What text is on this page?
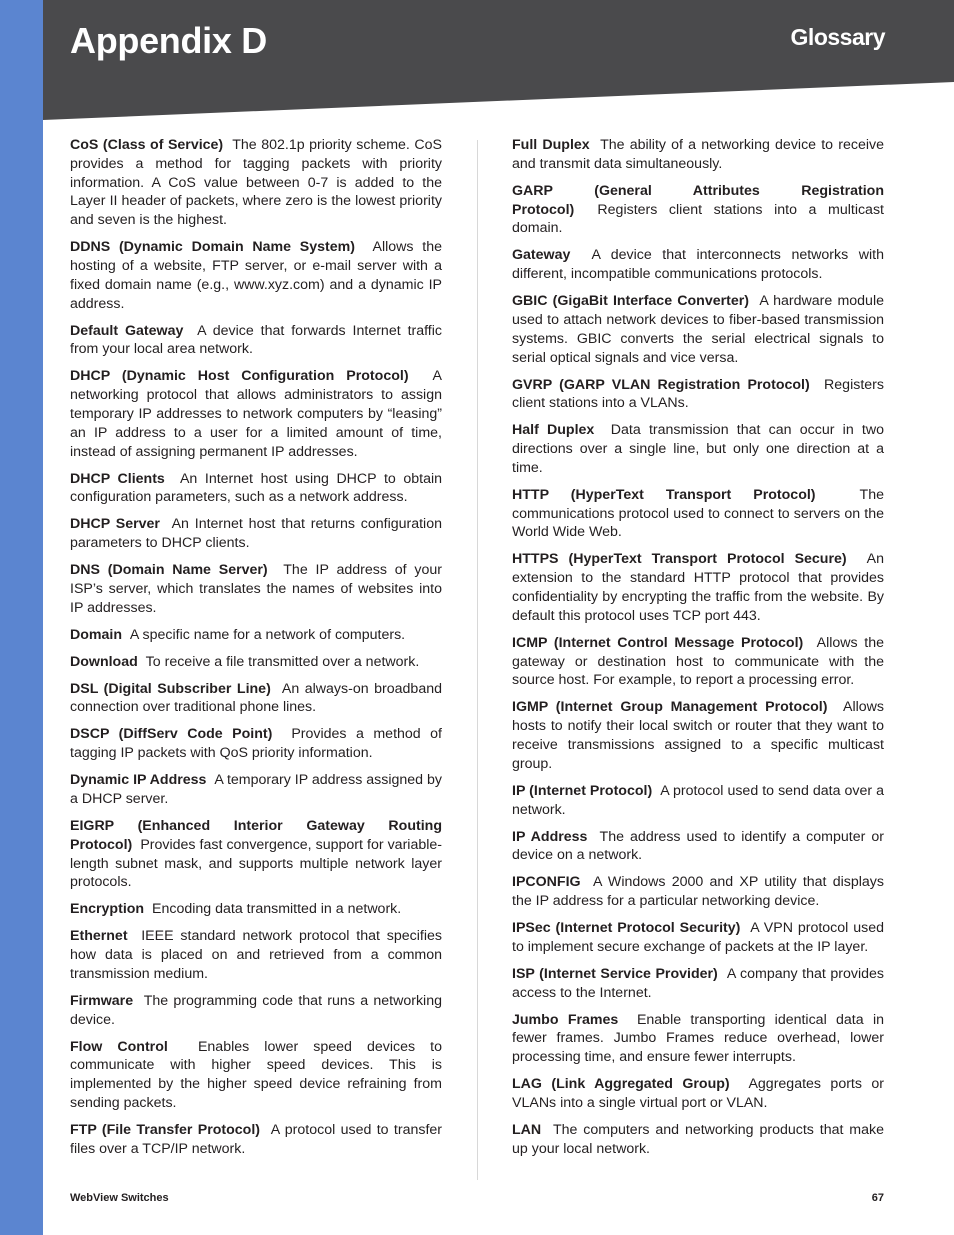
Appendix D	Glossary

CoS (Class of Service) The 802.1p priority scheme. CoS provides a method for tagging packets with priority information. A CoS value between 0-7 is added to the Layer II header of packets, where zero is the lowest priority and seven is the highest.

DDNS (Dynamic Domain Name System) Allows the hosting of a website, FTP server, or e-mail server with a fixed domain name (e.g., www.xyz.com) and a dynamic IP address.

Default Gateway A device that forwards Internet traffic from your local area network.

DHCP (Dynamic Host Configuration Protocol) A networking protocol that allows administrators to assign temporary IP addresses to network computers by “leasing” an IP address to a user for a limited amount of time, instead of assigning permanent IP addresses.

DHCP Clients An Internet host using DHCP to obtain configuration parameters, such as a network address.

DHCP Server An Internet host that returns configuration parameters to DHCP clients.

DNS (Domain Name Server) The IP address of your ISP’s server, which translates the names of websites into IP addresses.

Domain A specific name for a network of computers.

Download To receive a file transmitted over a network.

DSL (Digital Subscriber Line) An always-on broadband connection over traditional phone lines.

DSCP (DiffServ Code Point) Provides a method of tagging IP packets with QoS priority information.

Dynamic IP Address A temporary IP address assigned by a DHCP server.

EIGRP (Enhanced Interior Gateway Routing Protocol) Provides fast convergence, support for variable-length subnet mask, and supports multiple network layer protocols.

Encryption Encoding data transmitted in a network.

Ethernet IEEE standard network protocol that specifies how data is placed on and retrieved from a common transmission medium.

Firmware The programming code that runs a networking device.

Flow Control Enables lower speed devices to communicate with higher speed devices. This is implemented by the higher speed device refraining from sending packets.

FTP (File Transfer Protocol) A protocol used to transfer files over a TCP/IP network.

Full Duplex The ability of a networking device to receive and transmit data simultaneously.

GARP (General Attributes Registration Protocol) Registers client stations into a multicast domain.

Gateway A device that interconnects networks with different, incompatible communications protocols.

GBIC (GigaBit Interface Converter) A hardware module used to attach network devices to fiber-based transmission systems. GBIC converts the serial electrical signals to serial optical signals and vice versa.

GVRP (GARP VLAN Registration Protocol) Registers client stations into a VLANs.

Half Duplex Data transmission that can occur in two directions over a single line, but only one direction at a time.

HTTP (HyperText Transport Protocol)	The communications protocol used to connect to servers on the World Wide Web.

HTTPS (HyperText Transport Protocol Secure) An extension to the standard HTTP protocol that provides confidentiality by encrypting the traffic from the website. By default this protocol uses TCP port 443.

ICMP (Internet Control Message Protocol) Allows the gateway or destination host to communicate with the source host. For example, to report a processing error.

IGMP (Internet Group Management Protocol) Allows hosts to notify their local switch or router that they want to receive transmissions assigned to a specific multicast group.

IP (Internet Protocol) A protocol used to send data over a network.

IP Address The address used to identify a computer or device on a network.

IPCONFIG A Windows 2000 and XP utility that displays the IP address for a particular networking device.

IPSec (Internet Protocol Security) A VPN protocol used to implement secure exchange of packets at the IP layer.

ISP (Internet Service Provider) A company that provides access to the Internet.

Jumbo Frames Enable transporting identical data in fewer frames. Jumbo Frames reduce overhead, lower processing time, and ensure fewer interrupts.

LAG (Link Aggregated Group) Aggregates ports or VLANs into a single virtual port or VLAN.

LAN The computers and networking products that make up your local network.

WebView Switches	67
